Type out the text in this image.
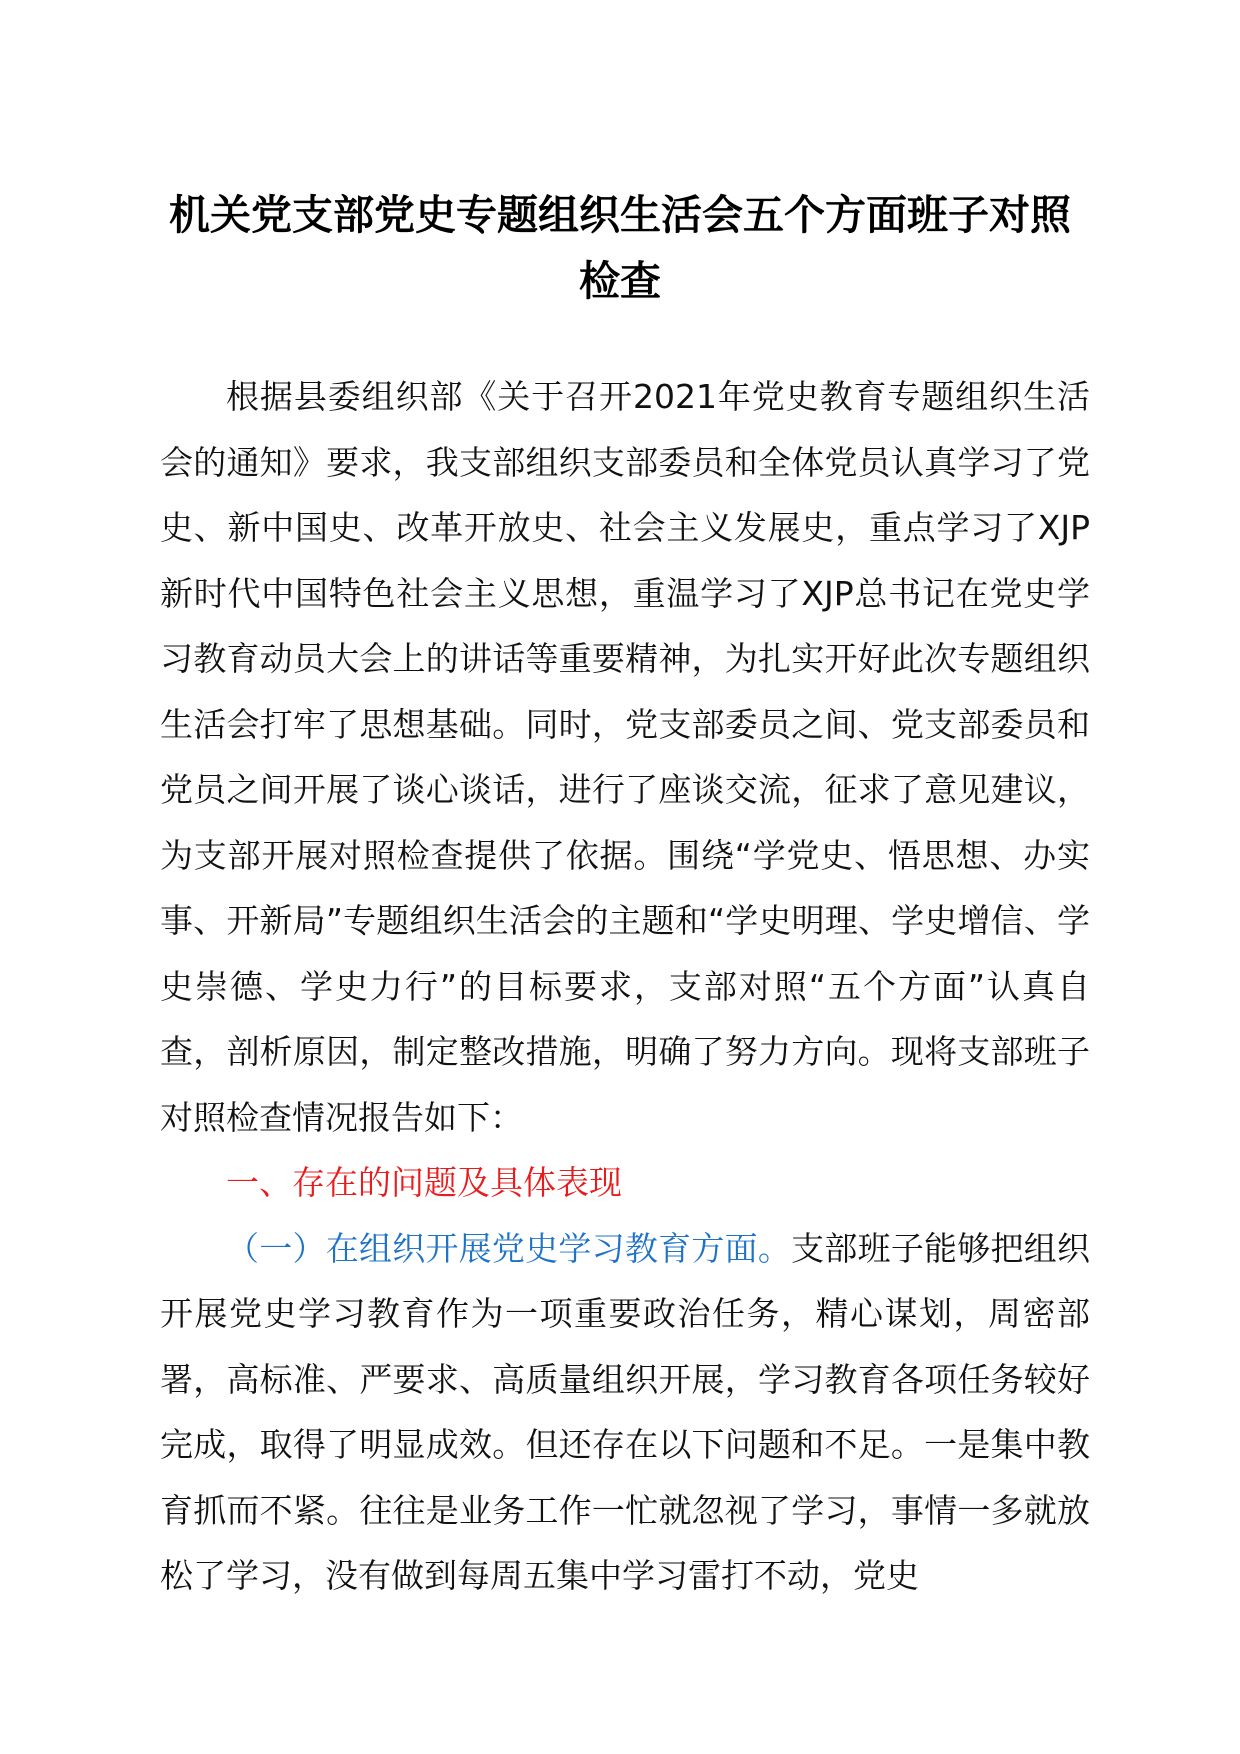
机关党支部党史专题组织生活会五个方面班子对照检查

根据县委组织部《关于召开2021年党史教育专题组织生活会的通知》要求，我支部组织支部委员和全体党员认真学习了党史、新中国史、改革开放史、社会主义发展史，重点学习了XJP新时代中国特色社会主义思想，重温学习了XJP总书记在党史学习教育动员大会上的讲话等重要精神，为扎实开好此次专题组织生活会打牢了思想基础。同时，党支部委员之间、党支部委员和党员之间开展了谈心谈话，进行了座谈交流，征求了意见建议，为支部开展对照检查提供了依据。围绕“学党史、悟思想、办实事、开新局”专题组织生活会的主题和“学史明理、学史增信、学史崇德、学史力行”的目标要求，支部对照“五个方面”认真自查，剖析原因，制定整改措施，明确了努力方向。现将支部班子对照检查情况报告如下：

一、存在的问题及具体表现

（一）在组织开展党史学习教育方面。支部班子能够把组织开展党史学习教育作为一项重要政治任务，精心谋划，周密部署，高标准、严要求、高质量组织开展，学习教育各项任务较好完成，取得了明显成效。但还存在以下问题和不足。一是集中教育抓而不紧。往往是业务工作一忙就忽视了学习，事情一多就放松了学习，没有做到每周五集中学习雷打不动，党史
